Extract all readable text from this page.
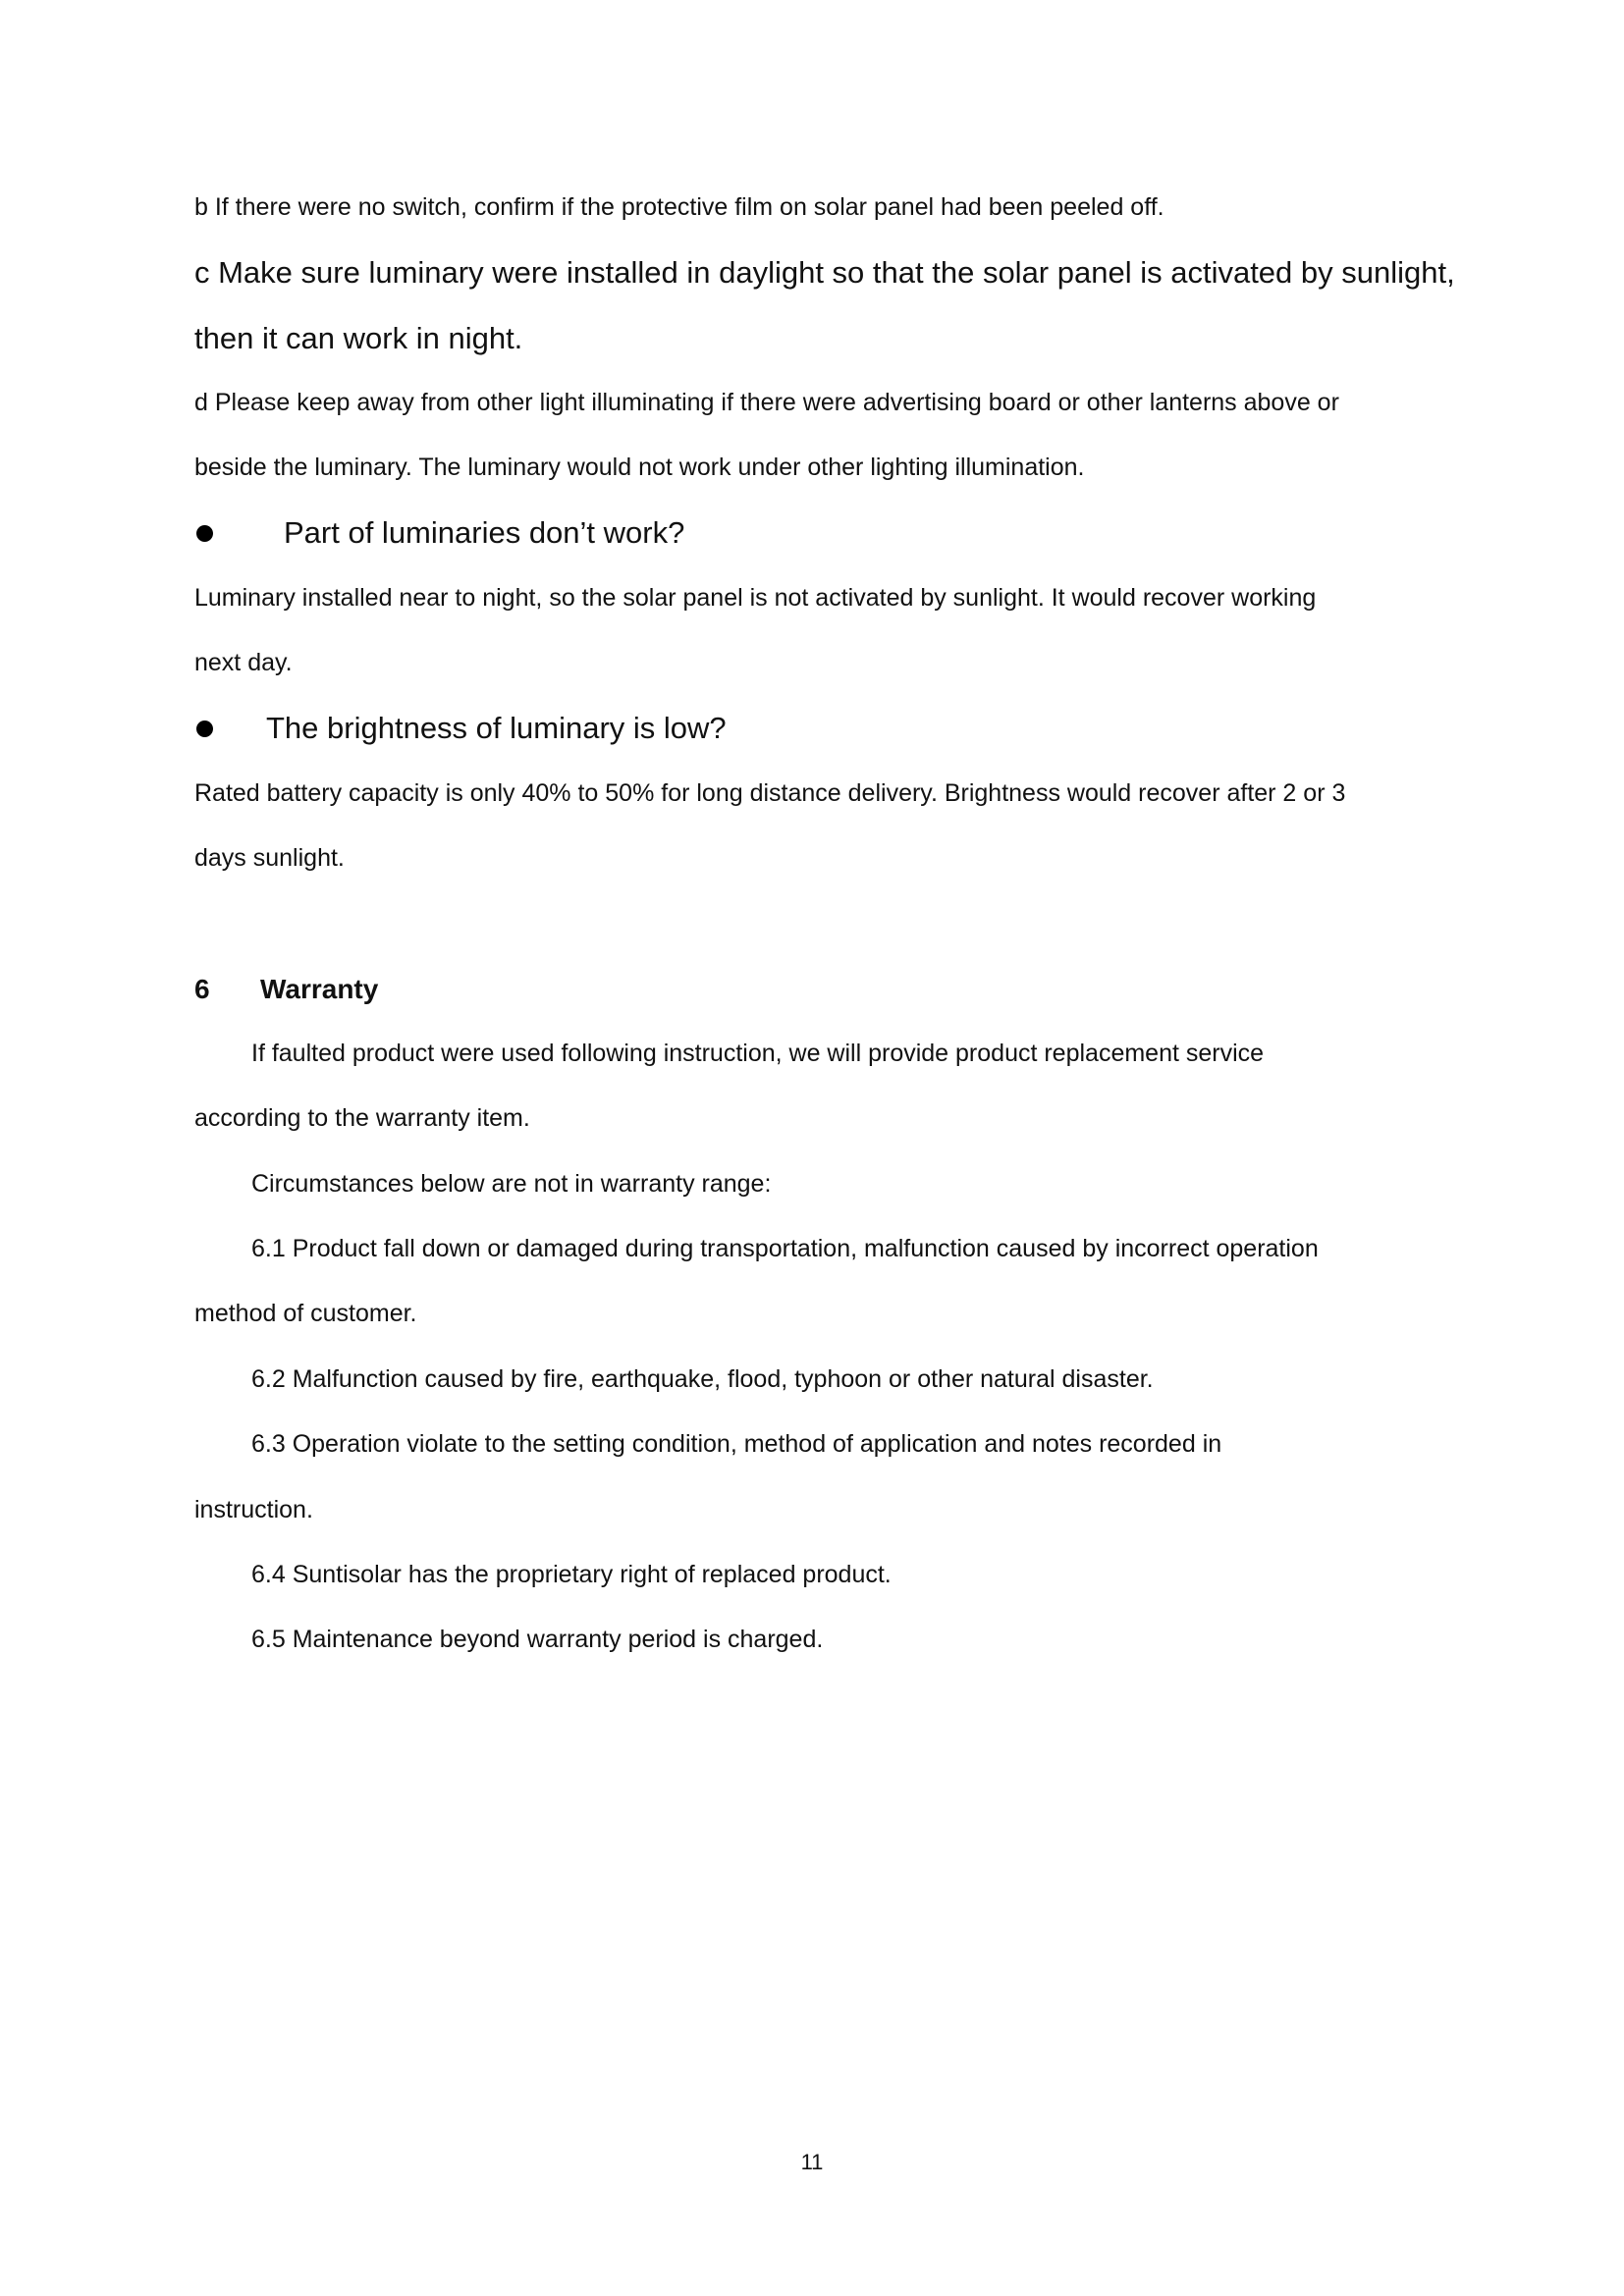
b If there were no switch, confirm if the protective film on solar panel had been peeled off.

c Make sure luminary were installed in daylight so that the solar panel is activated by sunlight,

then it can work in night.

d Please keep away from other light illuminating if there were advertising board or other lanterns above or

beside the luminary. The luminary would not work under other lighting illumination.

Part of luminaries don’t work?

Luminary installed near to night, so the solar panel is not activated by sunlight. It would recover working

next day.

The brightness of luminary is low?

Rated battery capacity is only 40% to 50% for long distance delivery. Brightness would recover after 2 or 3

days sunlight.

6 Warranty

If faulted product were used following instruction, we will provide product replacement service

according to the warranty item.

Circumstances below are not in warranty range:

6.1 Product fall down or damaged during transportation, malfunction caused by incorrect operation

method of customer.

6.2 Malfunction caused by fire, earthquake, flood, typhoon or other natural disaster.

6.3 Operation violate to the setting condition, method of application and notes recorded in

instruction.

6.4 Suntisolar has the proprietary right of replaced product.

6.5 Maintenance beyond warranty period is charged.

11
